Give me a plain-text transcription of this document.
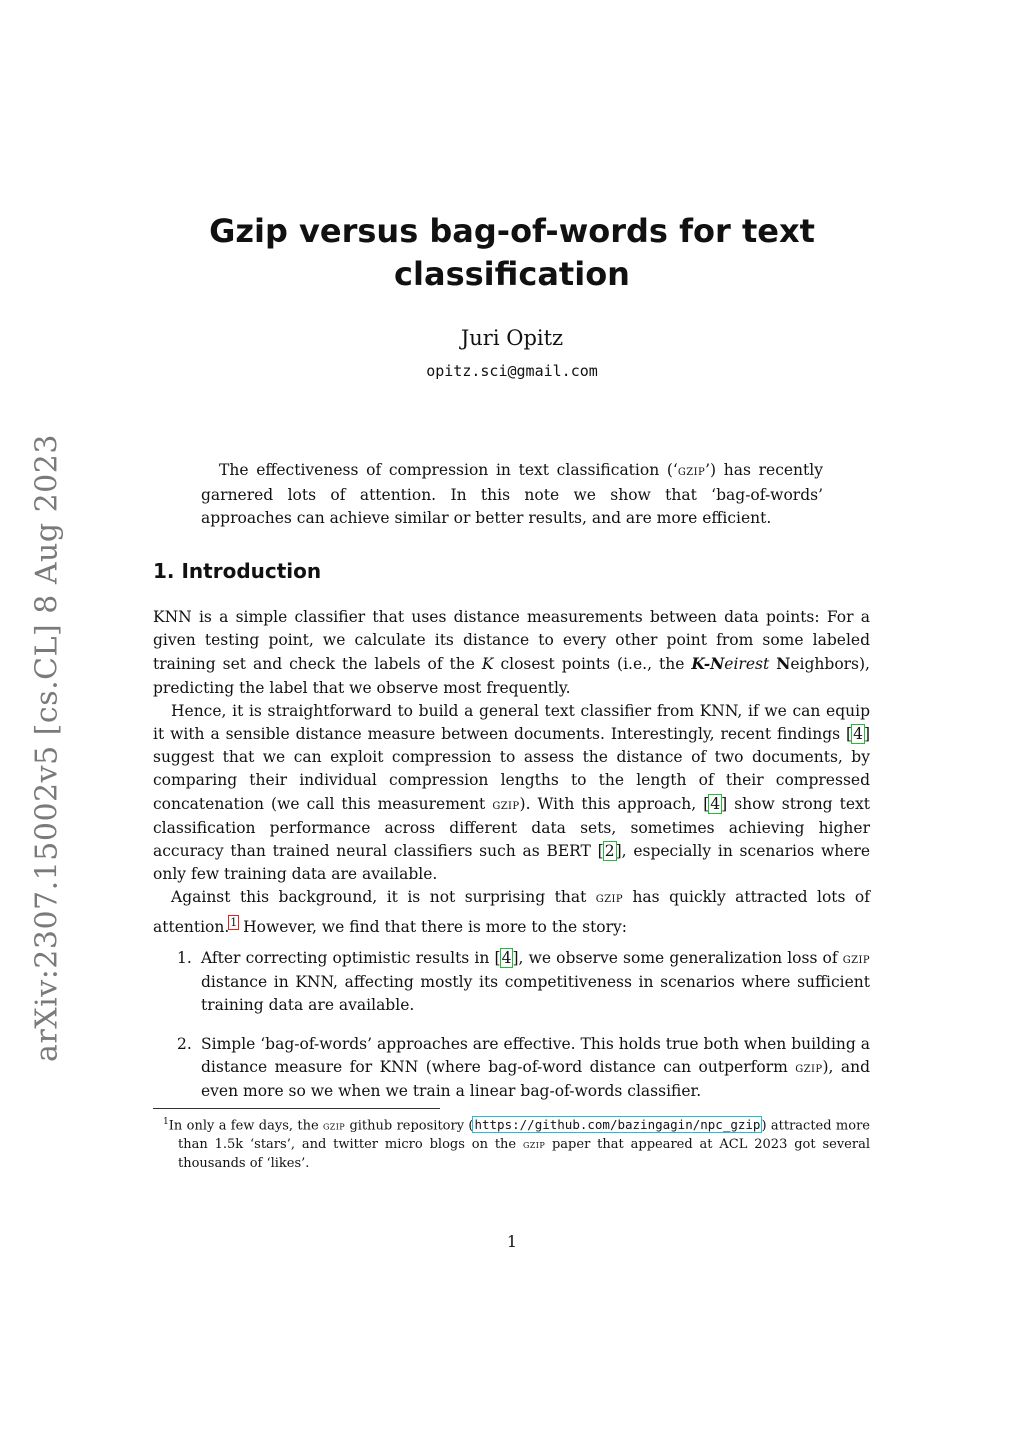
arXiv:2307.15002v5 [cs.CL] 8 Aug 2023
Gzip versus bag-of-words for text classification
Juri Opitz
opitz.sci@gmail.com

The effectiveness of compression in text classification (‘gzip’) has recently garnered lots of attention. In this note we show that ‘bag-of-words’ approaches can achieve similar or better results, and are more efficient.

1. Introduction

KNN is a simple classifier that uses distance measurements between data points: For a given testing point, we calculate its distance to every other point from some labeled training set and check the labels of the K closest points (i.e., the K-Neirest Neighbors), predicting the label that we observe most frequently.

Hence, it is straightforward to build a general text classifier from KNN, if we can equip it with a sensible distance measure between documents. Interestingly, recent findings [4] suggest that we can exploit compression to assess the distance of two documents, by comparing their individual compression lengths to the length of their compressed concatenation (we call this measurement gzip). With this approach, [4] show strong text classification performance across different data sets, sometimes achieving higher accuracy than trained neural classifiers such as BERT [2], especially in scenarios where only few training data are available.

Against this background, it is not surprising that gzip has quickly attracted lots of attention.$^1$ However, we find that there is more to the story:

1. After correcting optimistic results in [4], we observe some generalization loss of gzip distance in KNN, affecting mostly its competitiveness in scenarios where sufficient training data are available.
2. Simple ‘bag-of-words’ approaches are effective. This holds true both when building a distance measure for KNN (where bag-of-word distance can outperform gzip), and even more so we when we train a linear bag-of-words classifier.
$^1$In only a few days, the gzip github repository (https://github.com/bazingagin/npc_gzip) attracted more than 1.5k ‘stars’, and twitter micro blogs on the gzip paper that appeared at ACL 2023 got several thousands of ‘likes’.
1
